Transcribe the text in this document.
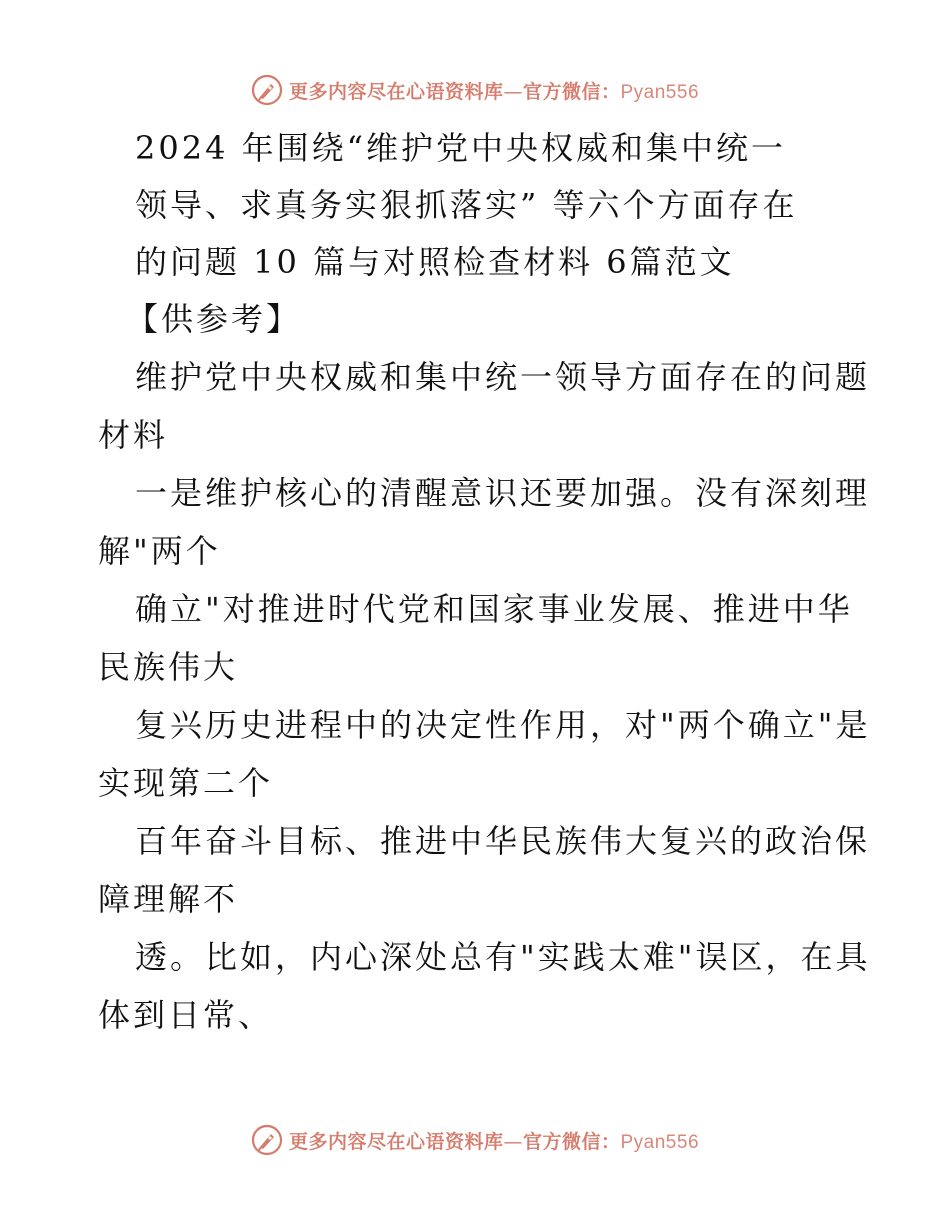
更多内容尽在心语资料库—官方微信：Pyan556
2024 年围绕“维护党中央权威和集中统一
领导、求真务实狠抓落实” 等六个方面存在
的问题 10 篇与对照检查材料 6篇范文
【供参考】
维护党中央权威和集中统一领导方面存在的问题
材料
一是维护核心的清醒意识还要加强。没有深刻理
解"两个
确立"对推进时代党和国家事业发展、推进中华
民族伟大
复兴历史进程中的决定性作用，对"两个确立"是
实现第二个
百年奋斗目标、推进中华民族伟大复兴的政治保
障理解不
透。比如，内心深处总有"实践太难"误区，在具
体到日常、
更多内容尽在心语资料库—官方微信：Pyan556
